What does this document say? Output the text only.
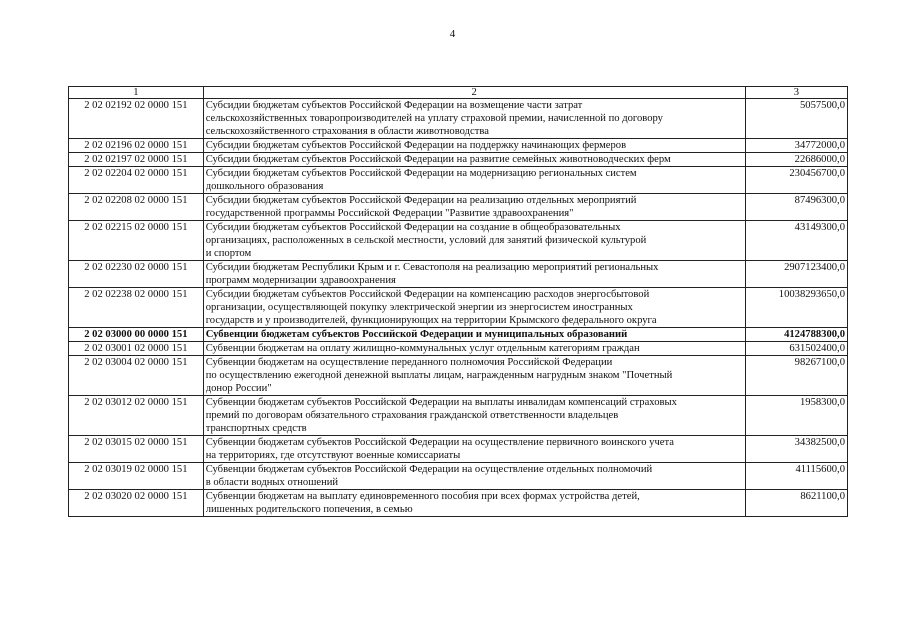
4
1	2	3
2 02 02192 02 0000 151	Субсидии бюджетам субъектов Российской Федерации на возмещение части затрат
сельскохозяйственных товаропроизводителей на уплату страховой премии, начисленной по договору
сельскохозяйственного страхования в области животноводства	5057500,0
2 02 02196 02 0000 151	Субсидии бюджетам субъектов Российской Федерации на поддержку начинающих фермеров	34772000,0
2 02 02197 02 0000 151	Субсидии бюджетам субъектов Российской Федерации на развитие семейных животноводческих ферм	22686000,0
2 02 02204 02 0000 151	Субсидии бюджетам субъектов Российской Федерации на модернизацию региональных систем
дошкольного образования	230456700,0
2 02 02208 02 0000 151	Субсидии бюджетам субъектов Российской Федерации на реализацию отдельных мероприятий
государственной программы Российской Федерации "Развитие здравоохранения"	87496300,0
2 02 02215 02 0000 151	Субсидии бюджетам субъектов Российской Федерации на создание в общеобразовательных
организациях, расположенных в сельской местности, условий для занятий физической культурой
и спортом	43149300,0
2 02 02230 02 0000 151	Субсидии бюджетам Республики Крым и г. Севастополя на реализацию мероприятий региональных
программ модернизации здравоохранения	2907123400,0
2 02 02238 02 0000 151	Субсидии бюджетам субъектов Российской Федерации на компенсацию расходов энергосбытовой
организации, осуществляющей покупку электрической энергии из энергосистем иностранных
государств и у производителей, функционирующих на территории Крымского федерального округа	10038293650,0
2 02 03000 00 0000 151	Субвенции бюджетам субъектов Российской Федерации и муниципальных образований	4124788300,0
2 02 03001 02 0000 151	Субвенции бюджетам на оплату жилищно-коммунальных услуг отдельным категориям граждан	631502400,0
2 02 03004 02 0000 151	Субвенции бюджетам на осуществление переданного полномочия Российской Федерации
по осуществлению ежегодной денежной выплаты лицам, награжденным нагрудным знаком "Почетный
донор России"	98267100,0
2 02 03012 02 0000 151	Субвенции бюджетам субъектов Российской Федерации на выплаты инвалидам компенсаций страховых
премий по договорам обязательного страхования гражданской ответственности владельцев
транспортных средств	1958300,0
2 02 03015 02 0000 151	Субвенции бюджетам субъектов Российской Федерации на осуществление первичного воинского учета
на территориях, где отсутствуют военные комиссариаты	34382500,0
2 02 03019 02 0000 151	Субвенции бюджетам субъектов Российской Федерации на осуществление отдельных полномочий
в области водных отношений	41115600,0
2 02 03020 02 0000 151	Субвенции бюджетам на выплату единовременного пособия при всех формах устройства детей,
лишенных родительского попечения, в семью	8621100,0
